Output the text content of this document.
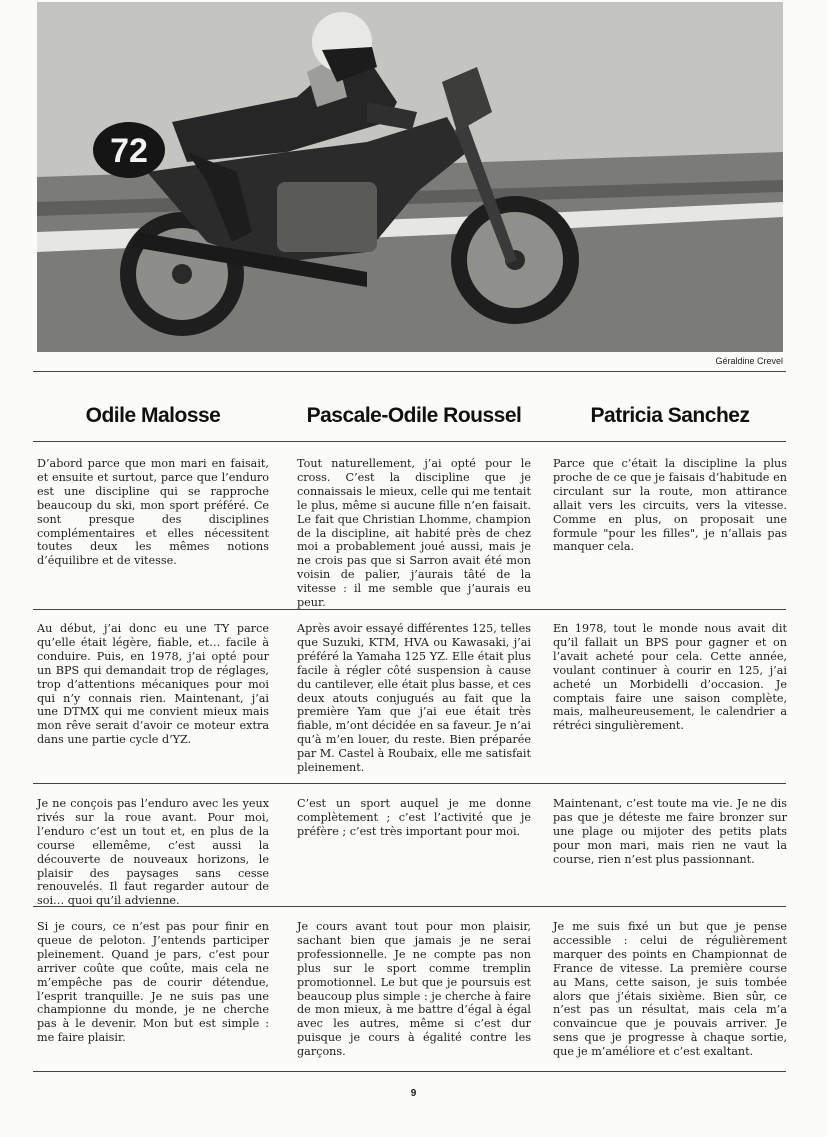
72
Géraldine Crevel
Odile Malosse	Pascale-Odile Roussel	Patricia Sanchez
D’abord parce que mon mari en faisait, et ensuite et surtout, parce que l’enduro est une discipline qui se rapproche beaucoup du ski, mon sport préféré. Ce sont presque des disciplines complémentaires et elles nécessitent toutes deux les mêmes notions d’équilibre et de vitesse.
Tout naturellement, j’ai opté pour le cross. C’est la discipline que je connaissais le mieux, celle qui me tentait le plus, même si aucune fille n’en faisait. Le fait que Christian Lhomme, champion de la discipline, ait habité près de chez moi a probablement joué aussi, mais je ne crois pas que si Sarron avait été mon voisin de palier, j’aurais tâté de la vitesse : il me semble que j’aurais eu peur.
Parce que c’était la discipline la plus proche de ce que je faisais d’habitude en circulant sur la route, mon attirance allait vers les circuits, vers la vitesse. Comme en plus, on proposait une formule "pour les filles", je n’allais pas manquer cela.
Au début, j’ai donc eu une TY parce qu’elle était légère, fiable, et… facile à conduire. Puis, en 1978, j’ai opté pour un BPS qui demandait trop de réglages, trop d’attentions mécaniques pour moi qui n’y connais rien. Maintenant, j’ai une DTMX qui me convient mieux mais mon rêve serait d’avoir ce moteur extra dans une partie cycle d’YZ.
Après avoir essayé différentes 125, telles que Suzuki, KTM, HVA ou Kawasaki, j’ai préféré la Yamaha 125 YZ. Elle était plus facile à régler côté suspension à cause du cantilever, elle était plus basse, et ces deux atouts conjugués au fait que la première Yam que j’ai eue était très fiable, m’ont décidée en sa faveur. Je n’ai qu’à m’en louer, du reste. Bien préparée par M. Castel à Roubaix, elle me satisfait pleinement.
En 1978, tout le monde nous avait dit qu’il fallait un BPS pour gagner et on l’avait acheté pour cela. Cette année, voulant continuer à courir en 125, j’ai acheté un Morbidelli d’occasion. Je comptais faire une saison complète, mais, malheureusement, le calendrier a rétréci singulièrement.
Je ne conçois pas l’enduro avec les yeux rivés sur la roue avant. Pour moi, l’enduro c’est un tout et, en plus de la course ellemême, c’est aussi la découverte de nouveaux horizons, le plaisir des paysages sans cesse renouvelés. Il faut regarder autour de soi… quoi qu’il advienne.
C’est un sport auquel je me donne complètement ; c’est l’activité que je préfère ; c’est très important pour moi.
Maintenant, c’est toute ma vie. Je ne dis pas que je déteste me faire bronzer sur une plage ou mijoter des petits plats pour mon mari, mais rien ne vaut la course, rien n’est plus passionnant.
Si je cours, ce n’est pas pour finir en queue de peloton. J’entends participer pleinement. Quand je pars, c’est pour arriver coûte que coûte, mais cela ne m’empêche pas de courir détendue, l’esprit tranquille. Je ne suis pas une championne du monde, je ne cherche pas à le devenir. Mon but est simple : me faire plaisir.
Je cours avant tout pour mon plaisir, sachant bien que jamais je ne serai professionnelle. Je ne compte pas non plus sur le sport comme tremplin promotionnel. Le but que je poursuis est beaucoup plus simple : je cherche à faire de mon mieux, à me battre d’égal à égal avec les autres, même si c’est dur puisque je cours à égalité contre les garçons.
Je me suis fixé un but que je pense accessible : celui de régulièrement marquer des points en Championnat de France de vitesse. La première course au Mans, cette saison, je suis tombée alors que j’étais sixième. Bien sûr, ce n’est pas un résultat, mais cela m’a convaincue que je pouvais arriver. Je sens que je progresse à chaque sortie, que je m’améliore et c’est exaltant.
9
